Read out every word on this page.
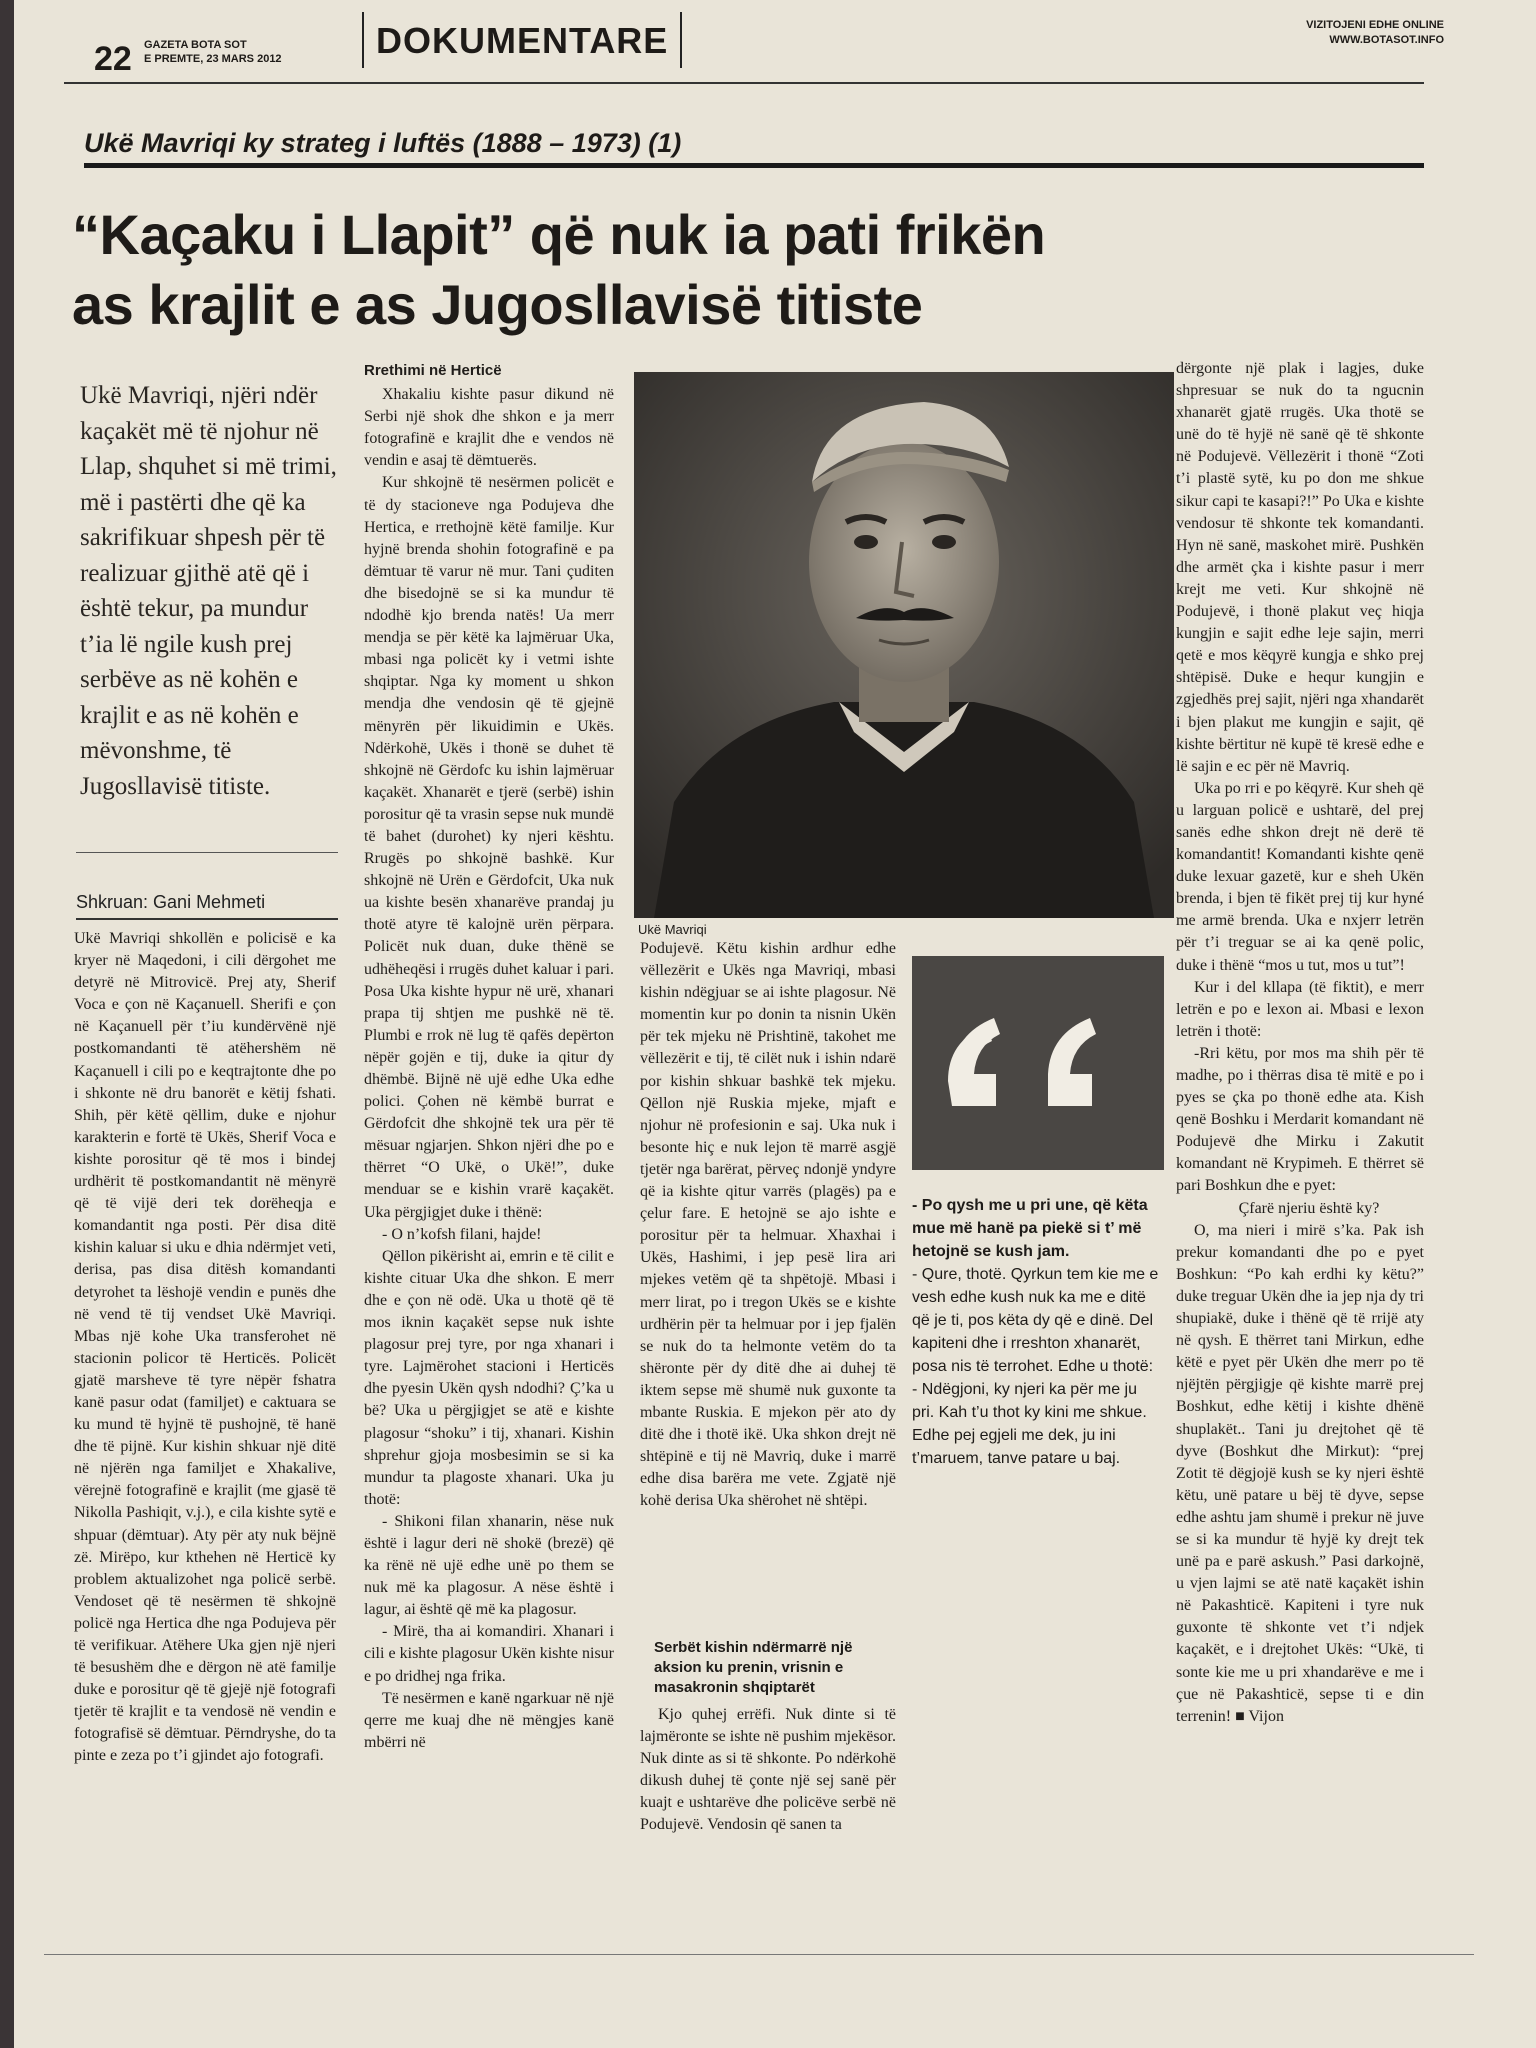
22 GAZETA BOTA SOT
E PREMTE, 23 MARS 2012	DOKUMENTARE	VIZITOJENI EDHE ONLINE
WWW.BOTASOT.INFO
Ukë Mavriqi ky strateg i luftës (1888 – 1973) (1)
“Kaçaku i Llapit” që nuk ia pati frikën
as krajlit e as Jugosllavisë titiste
Ukë Mavriqi, njëri ndër kaçakët më të njohur në Llap, shquhet si më trimi, më i pastërti dhe që ka sakrifikuar shpesh për të realizuar gjithë atë që i është tekur, pa mundur t’ia lë ngile kush prej serbëve as në kohën e krajlit e as në kohën e mëvonshme, të Jugosllavisë titiste.
Shkruan: Gani Mehmeti

Ukë Mavriqi shkollën e policisë e ka kryer në Maqedoni, i cili dërgohet me detyrë në Mitrovicë. Prej aty, Sherif Voca e çon në Kaçanuell. Sherifi e çon në Kaçanuell për t’iu kundërvënë një postkomandanti të atëhershëm në Kaçanuell i cili po e keqtrajtonte dhe po i shkonte në dru banorët e këtij fshati. Shih, për këtë qëllim, duke e njohur karakterin e fortë të Ukës, Sherif Voca e kishte porositur që të mos i bindej urdhërit të postkomandantit në mënyrë që të vijë deri tek dorëheqja e komandantit nga posti. Për disa ditë kishin kaluar si uku e dhia ndërmjet veti, derisa, pas disa ditësh komandanti detyrohet ta lëshojë vendin e punës dhe në vend të tij vendset Ukë Mavriqi. Mbas një kohe Uka transferohet në stacionin policor të Herticës. Policët gjatë marsheve të tyre nëpër fshatra kanë pasur odat (familjet) e caktuara se ku mund të hyjnë të pushojnë, të hanë dhe të pijnë. Kur kishin shkuar një ditë në njërën nga familjet e Xhakalive, vërejnë fotografinë e krajlit (me gjasë të Nikolla Pashiqit, v.j.), e cila kishte sytë e shpuar (dëmtuar). Aty për aty nuk bëjnë zë. Mirëpo, kur kthehen në Herticë ky problem aktualizohet nga policë serbë. Vendoset që të nesërmen të shkojnë policë nga Hertica dhe nga Podujeva për të verifikuar. Atëhere Uka gjen një njeri të besushëm dhe e dërgon në atë familje duke e porositur që të gjejë një fotografi tjetër të krajlit e ta vendosë në vendin e fotografisë së dëmtuar. Përndryshe, do ta pinte e zeza po t’i gjindet ajo fotografi.

Rrethimi në Herticë

Xhakaliu kishte pasur dikund në Serbi një shok dhe shkon e ja merr fotografinë e krajlit dhe e vendos në vendin e asaj të dëmtuerës.

Kur shkojnë të nesërmen policët e të dy stacioneve nga Podujeva dhe Hertica, e rrethojnë këtë familje. Kur hyjnë brenda shohin fotografinë e pa dëmtuar të varur në mur. Tani çuditen dhe bisedojnë se si ka mundur të ndodhë kjo brenda natës! Ua merr mendja se për këtë ka lajmëruar Uka, mbasi nga policët ky i vetmi ishte shqiptar. Nga ky moment u shkon mendja dhe vendosin që të gjejnë mënyrën për likuidimin e Ukës. Ndërkohë, Ukës i thonë se duhet të shkojnë në Gërdofc ku ishin lajmëruar kaçakët. Xhanarët e tjerë (serbë) ishin porositur që ta vrasin sepse nuk mundë të bahet (durohet) ky njeri kështu. Rrugës po shkojnë bashkë. Kur shkojnë në Urën e Gërdofcit, Uka nuk ua kishte besën xhanarëve prandaj ju thotë atyre të kalojnë urën përpara. Policët nuk duan, duke thënë se udhëheqësi i rrugës duhet kaluar i pari. Posa Uka kishte hypur në urë, xhanari prapa tij shtjen me pushkë në të. Plumbi e rrok në lug të qafës depërton nëpër gojën e tij, duke ia qitur dy dhëmbë. Bijnë në ujë edhe Uka edhe polici. Çohen në këmbë burrat e Gërdofcit dhe shkojnë tek ura për të mësuar ngjarjen. Shkon njëri dhe po e thërret “O Ukë, o Ukë!”, duke menduar se e kishin vrarë kaçakët. Uka përgjigjet duke i thënë:

- O n’kofsh filani, hajde!

Qëllon pikërisht ai, emrin e të cilit e kishte cituar Uka dhe shkon. E merr dhe e çon në odë. Uka u thotë që të mos iknin kaçakët sepse nuk ishte plagosur prej tyre, por nga xhanari i tyre. Lajmërohet stacioni i Herticës dhe pyesin Ukën qysh ndodhi? Ç’ka u bë? Uka u përgjigjet se atë e kishte plagosur “shoku” i tij, xhanari. Kishin shprehur gjoja mosbesimin se si ka mundur ta plagoste xhanari. Uka ju thotë:

- Shikoni filan xhanarin, nëse nuk është i lagur deri në shokë (brezë) që ka rënë në ujë edhe unë po them se nuk më ka plagosur. A nëse është i lagur, ai është që më ka plagosur.

- Mirë, tha ai komandiri. Xhanari i cili e kishte plagosur Ukën kishte nisur e po dridhej nga frika.

Të nesërmen e kanë ngarkuar në një qerre me kuaj dhe në mëngjes kanë mbërri në

Ukë Mavriqi

Podujevë. Këtu kishin ardhur edhe vëllezërit e Ukës nga Mavriqi, mbasi kishin ndëgjuar se ai ishte plagosur. Në momentin kur po donin ta nisnin Ukën për tek mjeku në Prishtinë, takohet me vëllezërit e tij, të cilët nuk i ishin ndarë por kishin shkuar bashkë tek mjeku. Qëllon një Ruskia mjeke, mjaft e njohur në profesionin e saj. Uka nuk i besonte hiç e nuk lejon të marrë asgjë tjetër nga barërat, përveç ndonjë yndyre që ia kishte qitur varrës (plagës) pa e çelur fare. E hetojnë se ajo ishte e porositur për ta helmuar. Xhaxhai i Ukës, Hashimi, i jep pesë lira ari mjekes vetëm që ta shpëtojë. Mbasi i merr lirat, po i tregon Ukës se e kishte urdhërin për ta helmuar por i jep fjalën se nuk do ta helmonte vetëm do ta shëronte për dy ditë dhe ai duhej të iktem sepse më shumë nuk guxonte ta mbante Ruskia. E mjekon për ato dy ditë dhe i thotë ikë. Uka shkon drejt në shtëpinë e tij në Mavriq, duke i marrë edhe disa barëra me vete. Zgjatë një kohë derisa Uka shërohet në shtëpi.

Serbët kishin ndërmarrë një aksion ku prenin, vrisnin e masakronin shqiptarët

Kjo quhej errëfi. Nuk dinte si të lajmëronte se ishte në pushim mjekësor. Nuk dinte as si të shkonte. Po ndërkohë dikush duhej të çonte një sej sanë për kuajt e ushtarëve dhe policëve serbë në Podujevë. Vendosin që sanen ta

- Po qysh me u pri une, që këta mue më hanë pa piekë si t’ më hetojnë se kush jam.

- Qure, thotë. Qyrkun tem kie me e vesh edhe kush nuk ka me e ditë që je ti, pos këta dy që e dinë. Del kapiteni dhe i rreshton xhanarët, posa nis të terrohet. Edhe u thotë:

- Ndëgjoni, ky njeri ka për me ju pri. Kah t’u thot ky kini me shkue. Edhe pej egjeli me dek, ju ini t’maruem, tanve patare u baj.

dërgonte një plak i lagjes, duke shpresuar se nuk do ta ngucnin xhanarët gjatë rrugës. Uka thotë se unë do të hyjë në sanë që të shkonte në Podujevë. Vëllezërit i thonë “Zoti t’i plastë sytë, ku po don me shkue sikur capi te kasapi?!” Po Uka e kishte vendosur të shkonte tek komandanti. Hyn në sanë, maskohet mirë. Pushkën dhe armët çka i kishte pasur i merr krejt me veti. Kur shkojnë në Podujevë, i thonë plakut veç hiqja kungjin e sajit edhe leje sajin, merri qetë e mos këqyrë kungja e shko prej shtëpisë. Duke e hequr kungjin e zgjedhës prej sajit, njëri nga xhandarët i bjen plakut me kungjin e sajit, që kishte bërtitur në kupë të kresë edhe e lë sajin e ec për në Mavriq.

Uka po rri e po këqyrë. Kur sheh që u larguan policë e ushtarë, del prej sanës edhe shkon drejt në derë të komandantit! Komandanti kishte qenë duke lexuar gazetë, kur e sheh Ukën brenda, i bjen të fikët prej tij kur hyné me armë brenda. Uka e nxjerr letrën për t’i treguar se ai ka qenë polic, duke i thënë “mos u tut, mos u tut”!

Kur i del kllapa (të fiktit), e merr letrën e po e lexon ai. Mbasi e lexon letrën i thotë:

-Rri këtu, por mos ma shih për të madhe, po i thërras disa të mitë e po i pyes se çka po thonë edhe ata. Kish qenë Boshku i Merdarit komandant në Podujevë dhe Mirku i Zakutit komandant në Krypimeh. E thërret së pari Boshkun dhe e pyet:

Çfarë njeriu është ky?

O, ma nieri i mirë s’ka. Pak ish prekur komandanti dhe po e pyet Boshkun: “Po kah erdhi ky këtu?” duke treguar Ukën dhe ia jep nja dy tri shupiakë, duke i thënë që të rrijë aty në qysh. E thërret tani Mirkun, edhe këtë e pyet për Ukën dhe merr po të njëjtën përgjigje që kishte marrë prej Boshkut, edhe këtij i kishte dhënë shuplakët.. Tani ju drejtohet që të dyve (Boshkut dhe Mirkut): “prej Zotit të dëgjojë kush se ky njeri është këtu, unë patare u bëj të dyve, sepse edhe ashtu jam shumë i prekur në juve se si ka mundur të hyjë ky drejt tek unë pa e parë askush.” Pasi darkojnë, u vjen lajmi se atë natë kaçakët ishin në Pakashticë. Kapiteni i tyre nuk guxonte të shkonte vet t’i ndjek kaçakët, e i drejtohet Ukës: “Ukë, ti sonte kie me u pri xhandarëve e me i çue në Pakashticë, sepse ti e din terrenin! ■ Vijon
